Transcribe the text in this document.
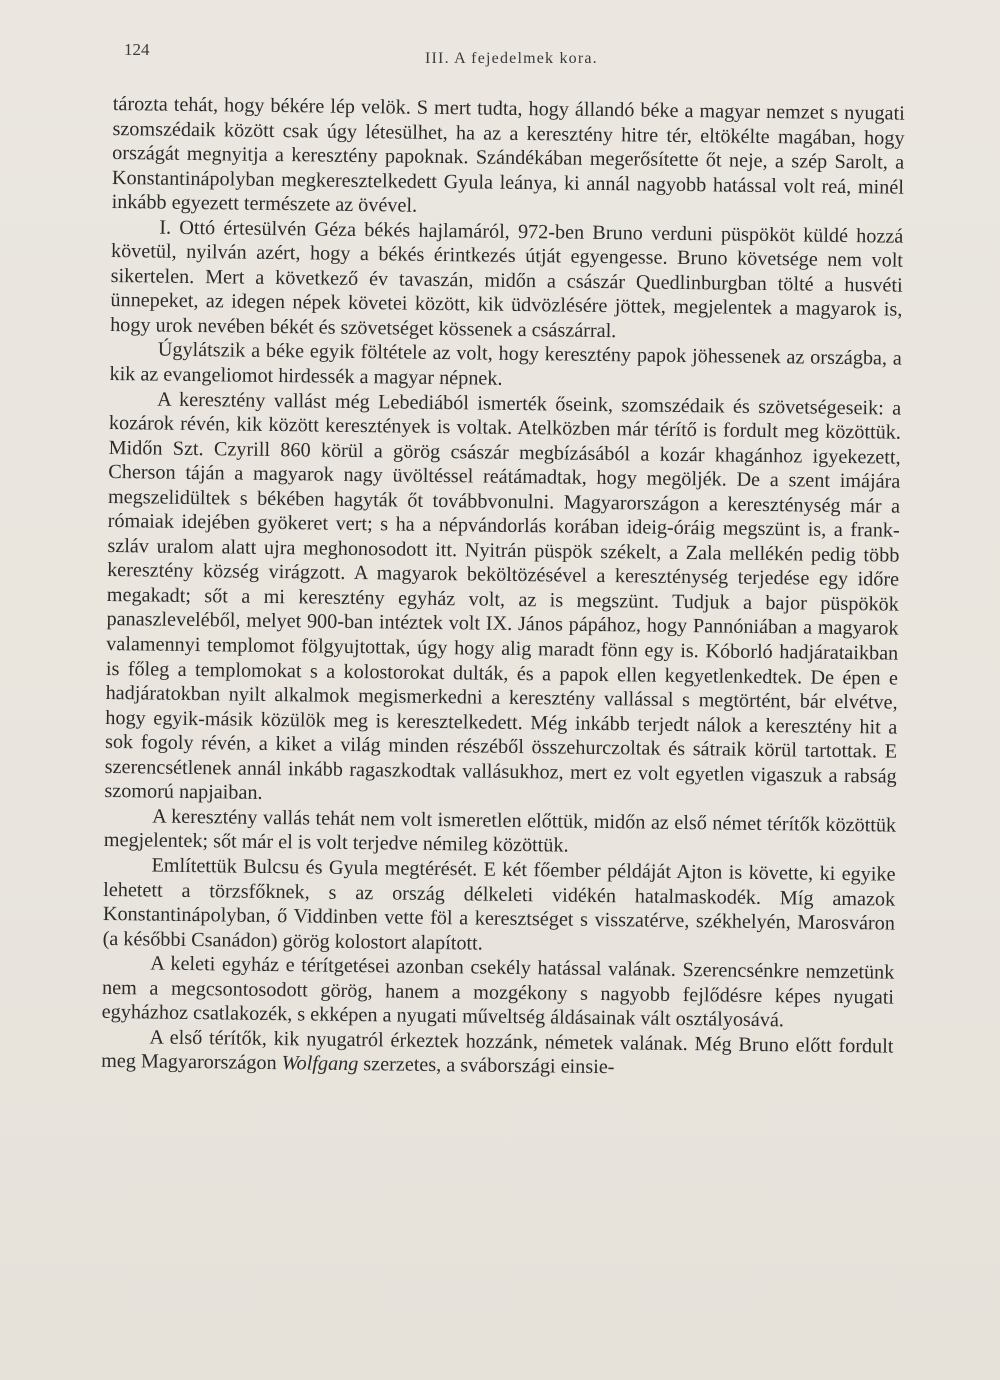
124	III. A fejedelmek kora.

tározta tehát, hogy békére lép velök. S mert tudta, hogy állandó béke a magyar nemzet s nyugati szomszédaik között csak úgy létesülhet, ha az a keresztény hitre tér, eltökélte magában, hogy országát megnyitja a keresztény papoknak. Szándékában megerősítette őt neje, a szép Sarolt, a Konstantinápolyban megkeresztelkedett Gyula leánya, ki annál nagyobb hatással volt reá, minél inkább egyezett természete az övével.

I. Ottó értesülvén Géza békés hajlamáról, 972-ben Bruno verduni püspököt küldé hozzá követül, nyilván azért, hogy a békés érintkezés útját egyengesse. Bruno követsége nem volt sikertelen. Mert a következő év tavaszán, midőn a császár Quedlinburgban tölté a husvéti ünnepeket, az idegen népek követei között, kik üdvözlésére jöttek, megjelentek a magyarok is, hogy urok nevében békét és szövetséget kössenek a császárral.

Úgylátszik a béke egyik föltétele az volt, hogy keresztény papok jöhessenek az országba, a kik az evangeliomot hirdessék a magyar népnek.

A keresztény vallást még Lebediából ismerték őseink, szomszédaik és szövetségeseik: a kozárok révén, kik között keresztények is voltak. Atelközben már térítő is fordult meg közöttük. Midőn Szt. Czyrill 860 körül a görög császár megbízásából a kozár khagánhoz igyekezett, Cherson táján a magyarok nagy üvöltéssel reátámadtak, hogy megöljék. De a szent imájára megszelidültek s békében hagyták őt továbbvonulni. Magyarországon a kereszténység már a rómaiak idejében gyökeret vert; s ha a népvándorlás korában ideig-óráig megszünt is, a frank-szláv uralom alatt ujra meghonosodott itt. Nyitrán püspök székelt, a Zala mellékén pedig több keresztény község virágzott. A magyarok beköltözésével a kereszténység terjedése egy időre megakadt; sőt a mi keresztény egyház volt, az is megszünt. Tudjuk a bajor püspökök panaszleveléből, melyet 900-ban intéztek volt IX. János pápához, hogy Pannóniában a magyarok valamennyi templomot fölgyujtottak, úgy hogy alig maradt fönn egy is. Kóborló hadjárataikban is főleg a templomokat s a kolostorokat dulták, és a papok ellen kegyetlenkedtek. De épen e hadjáratokban nyilt alkalmok megismerkedni a keresztény vallással s megtörtént, bár elvétve, hogy egyik-másik közülök meg is keresztelkedett. Még inkább terjedt nálok a keresztény hit a sok fogoly révén, a kiket a világ minden részéből összehurczoltak és sátraik körül tartottak. E szerencsétlenek annál inkább ragaszkodtak vallásukhoz, mert ez volt egyetlen vigaszuk a rabság szomorú napjaiban.

A keresztény vallás tehát nem volt ismeretlen előttük, midőn az első német térítők közöttük megjelentek; sőt már el is volt terjedve némileg közöttük.

Említettük Bulcsu és Gyula megtérését. E két főember példáját Ajton is követte, ki egyike lehetett a törzsfőknek, s az ország délkeleti vidékén hatalmaskodék. Míg amazok Konstantinápolyban, ő Viddinben vette föl a keresztséget s visszatérve, székhelyén, Marosváron (a későbbi Csanádon) görög kolostort alapított.

A keleti egyház e térítgetései azonban csekély hatással valának. Szerencsénkre nemzetünk nem a megcsontosodott görög, hanem a mozgékony s nagyobb fejlődésre képes nyugati egyházhoz csatlakozék, s ekképen a nyugati műveltség áldásainak vált osztályosává.

A első térítők, kik nyugatról érkeztek hozzánk, németek valának. Még Bruno előtt fordult meg Magyarországon Wolfgang szerzetes, a svábországi einsie-
